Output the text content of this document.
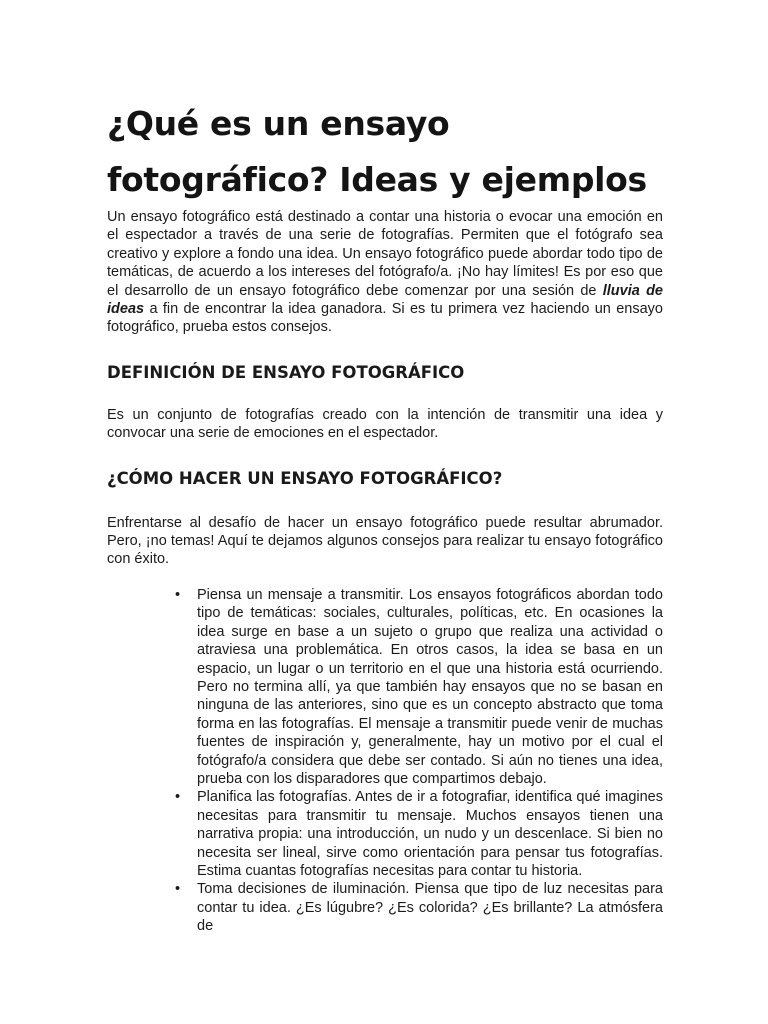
¿Qué es un ensayo fotográfico? Ideas y ejemplos

Un ensayo fotográfico está destinado a contar una historia o evocar una emoción en el espectador a través de una serie de fotografías. Permiten que el fotógrafo sea creativo y explore a fondo una idea. Un ensayo fotográfico puede abordar todo tipo de temáticas, de acuerdo a los intereses del fotógrafo/a. ¡No hay límites! Es por eso que el desarrollo de un ensayo fotográfico debe comenzar por una sesión de lluvia de ideas a fin de encontrar la idea ganadora. Si es tu primera vez haciendo un ensayo fotográfico, prueba estos consejos.

DEFINICIÓN DE ENSAYO FOTOGRÁFICO

Es un conjunto de fotografías creado con la intención de transmitir una idea y convocar una serie de emociones en el espectador.

¿CÓMO HACER UN ENSAYO FOTOGRÁFICO?

Enfrentarse al desafío de hacer un ensayo fotográfico puede resultar abrumador. Pero, ¡no temas! Aquí te dejamos algunos consejos para realizar tu ensayo fotográfico con éxito.

• Piensa un mensaje a transmitir. Los ensayos fotográficos abordan todo tipo de temáticas: sociales, culturales, políticas, etc. En ocasiones la idea surge en base a un sujeto o grupo que realiza una actividad o atraviesa una problemática. En otros casos, la idea se basa en un espacio, un lugar o un territorio en el que una historia está ocurriendo. Pero no termina allí, ya que también hay ensayos que no se basan en ninguna de las anteriores, sino que es un concepto abstracto que toma forma en las fotografías. El mensaje a transmitir puede venir de muchas fuentes de inspiración y, generalmente, hay un motivo por el cual el fotógrafo/a considera que debe ser contado. Si aún no tienes una idea, prueba con los disparadores que compartimos debajo.
• Planifica las fotografías. Antes de ir a fotografiar, identifica qué imagines necesitas para transmitir tu mensaje. Muchos ensayos tienen una narrativa propia: una introducción, un nudo y un descenlace. Si bien no necesita ser lineal, sirve como orientación para pensar tus fotografías. Estima cuantas fotografías necesitas para contar tu historia.
• Toma decisiones de iluminación. Piensa que tipo de luz necesitas para contar tu idea. ¿Es lúgubre? ¿Es colorida? ¿Es brillante? La atmósfera de
